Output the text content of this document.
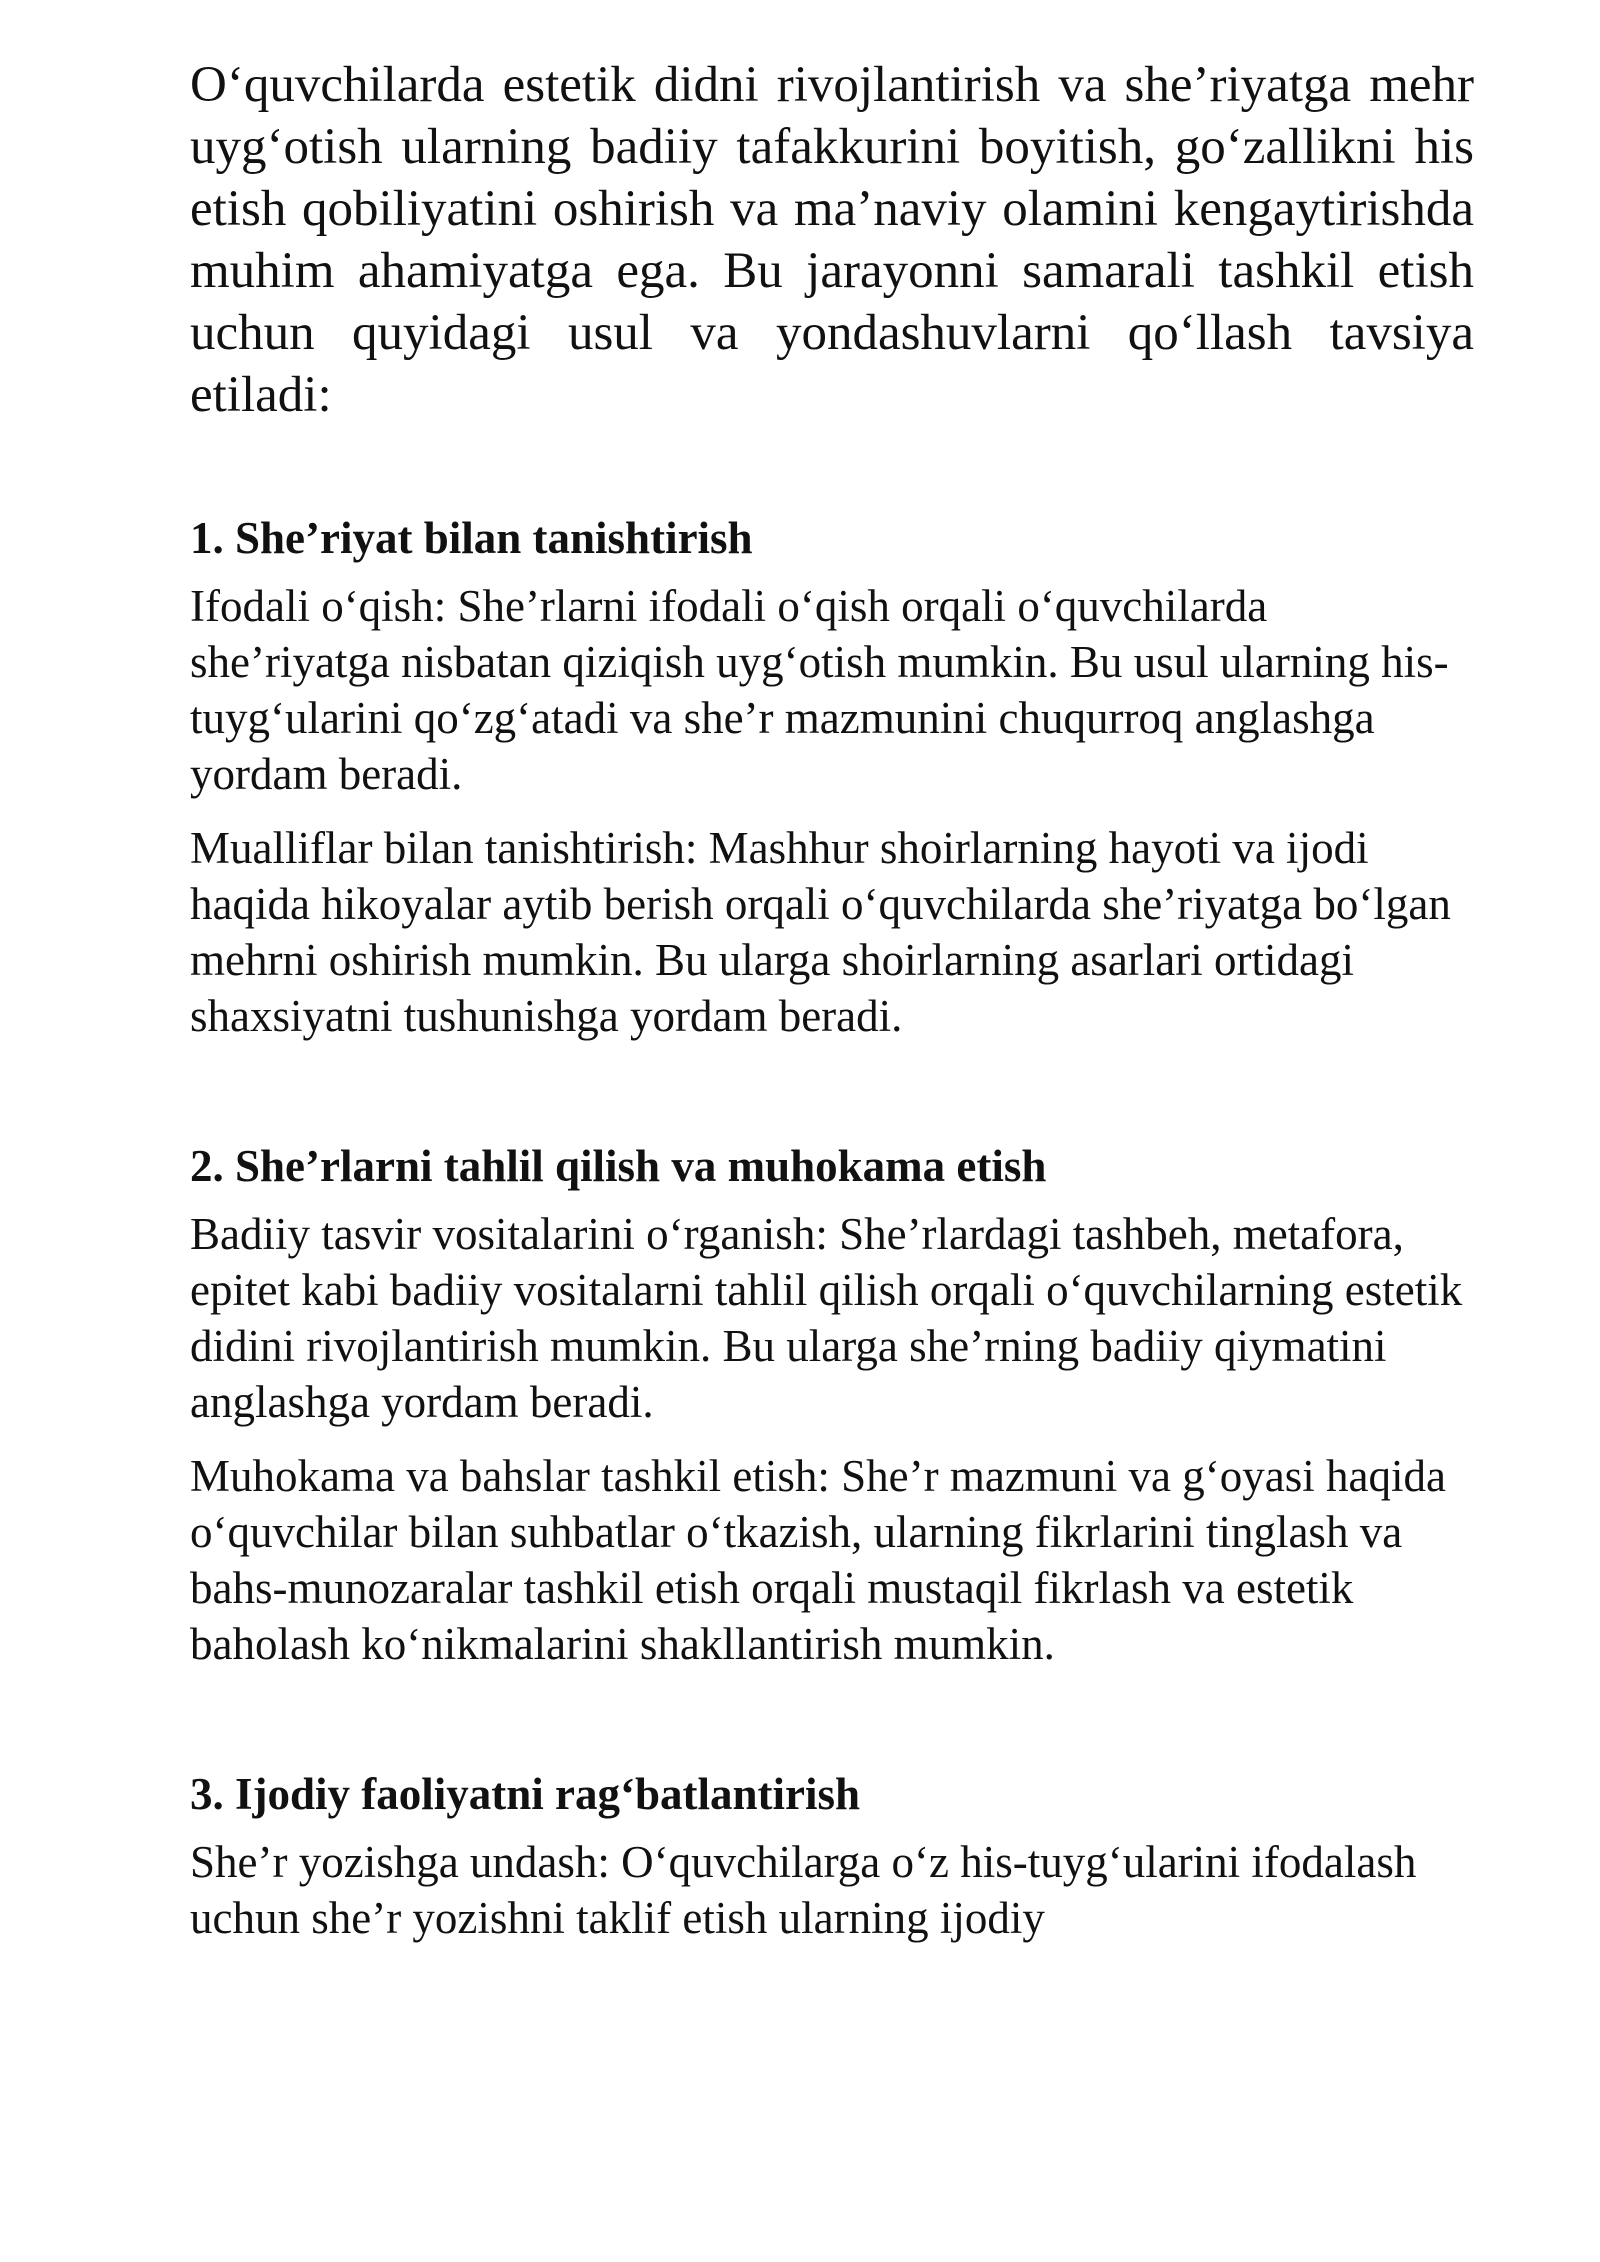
O‘quvchilarda estetik didni rivojlantirish va she’riyatga mehr uyg‘otish ularning badiiy tafakkurini boyitish, go‘zallikni his etish qobiliyatini oshirish va ma’naviy olamini kengaytirishda muhim ahamiyatga ega. Bu jarayonni samarali tashkil etish uchun quyidagi usul va yondashuvlarni qo‘llash tavsiya etiladi:

1. She’riyat bilan tanishtirish

Ifodali o‘qish: She’rlarni ifodali o‘qish orqali o‘quvchilarda she’riyatga nisbatan qiziqish uyg‘otish mumkin. Bu usul ularning his-tuyg‘ularini qo‘zg‘atadi va she’r mazmunini chuqurroq anglashga yordam beradi.

Mualliflar bilan tanishtirish: Mashhur shoirlarning hayoti va ijodi haqida hikoyalar aytib berish orqali o‘quvchilarda she’riyatga bo‘lgan mehrni oshirish mumkin. Bu ularga shoirlarning asarlari ortidagi shaxsiyatni tushunishga yordam beradi.

2. She’rlarni tahlil qilish va muhokama etish

Badiiy tasvir vositalarini o‘rganish: She’rlardagi tashbeh, metafora, epitet kabi badiiy vositalarni tahlil qilish orqali o‘quvchilarning estetik didini rivojlantirish mumkin. Bu ularga she’rning badiiy qiymatini anglashga yordam beradi.

Muhokama va bahslar tashkil etish: She’r mazmuni va g‘oyasi haqida o‘quvchilar bilan suhbatlar o‘tkazish, ularning fikrlarini tinglash va bahs-munozaralar tashkil etish orqali mustaqil fikrlash va estetik baholash ko‘nikmalarini shakllantirish mumkin.

3. Ijodiy faoliyatni rag‘batlantirish

She’r yozishga undash: O‘quvchilarga o‘z his-tuyg‘ularini ifodalash uchun she’r yozishni taklif etish ularning ijodiy
